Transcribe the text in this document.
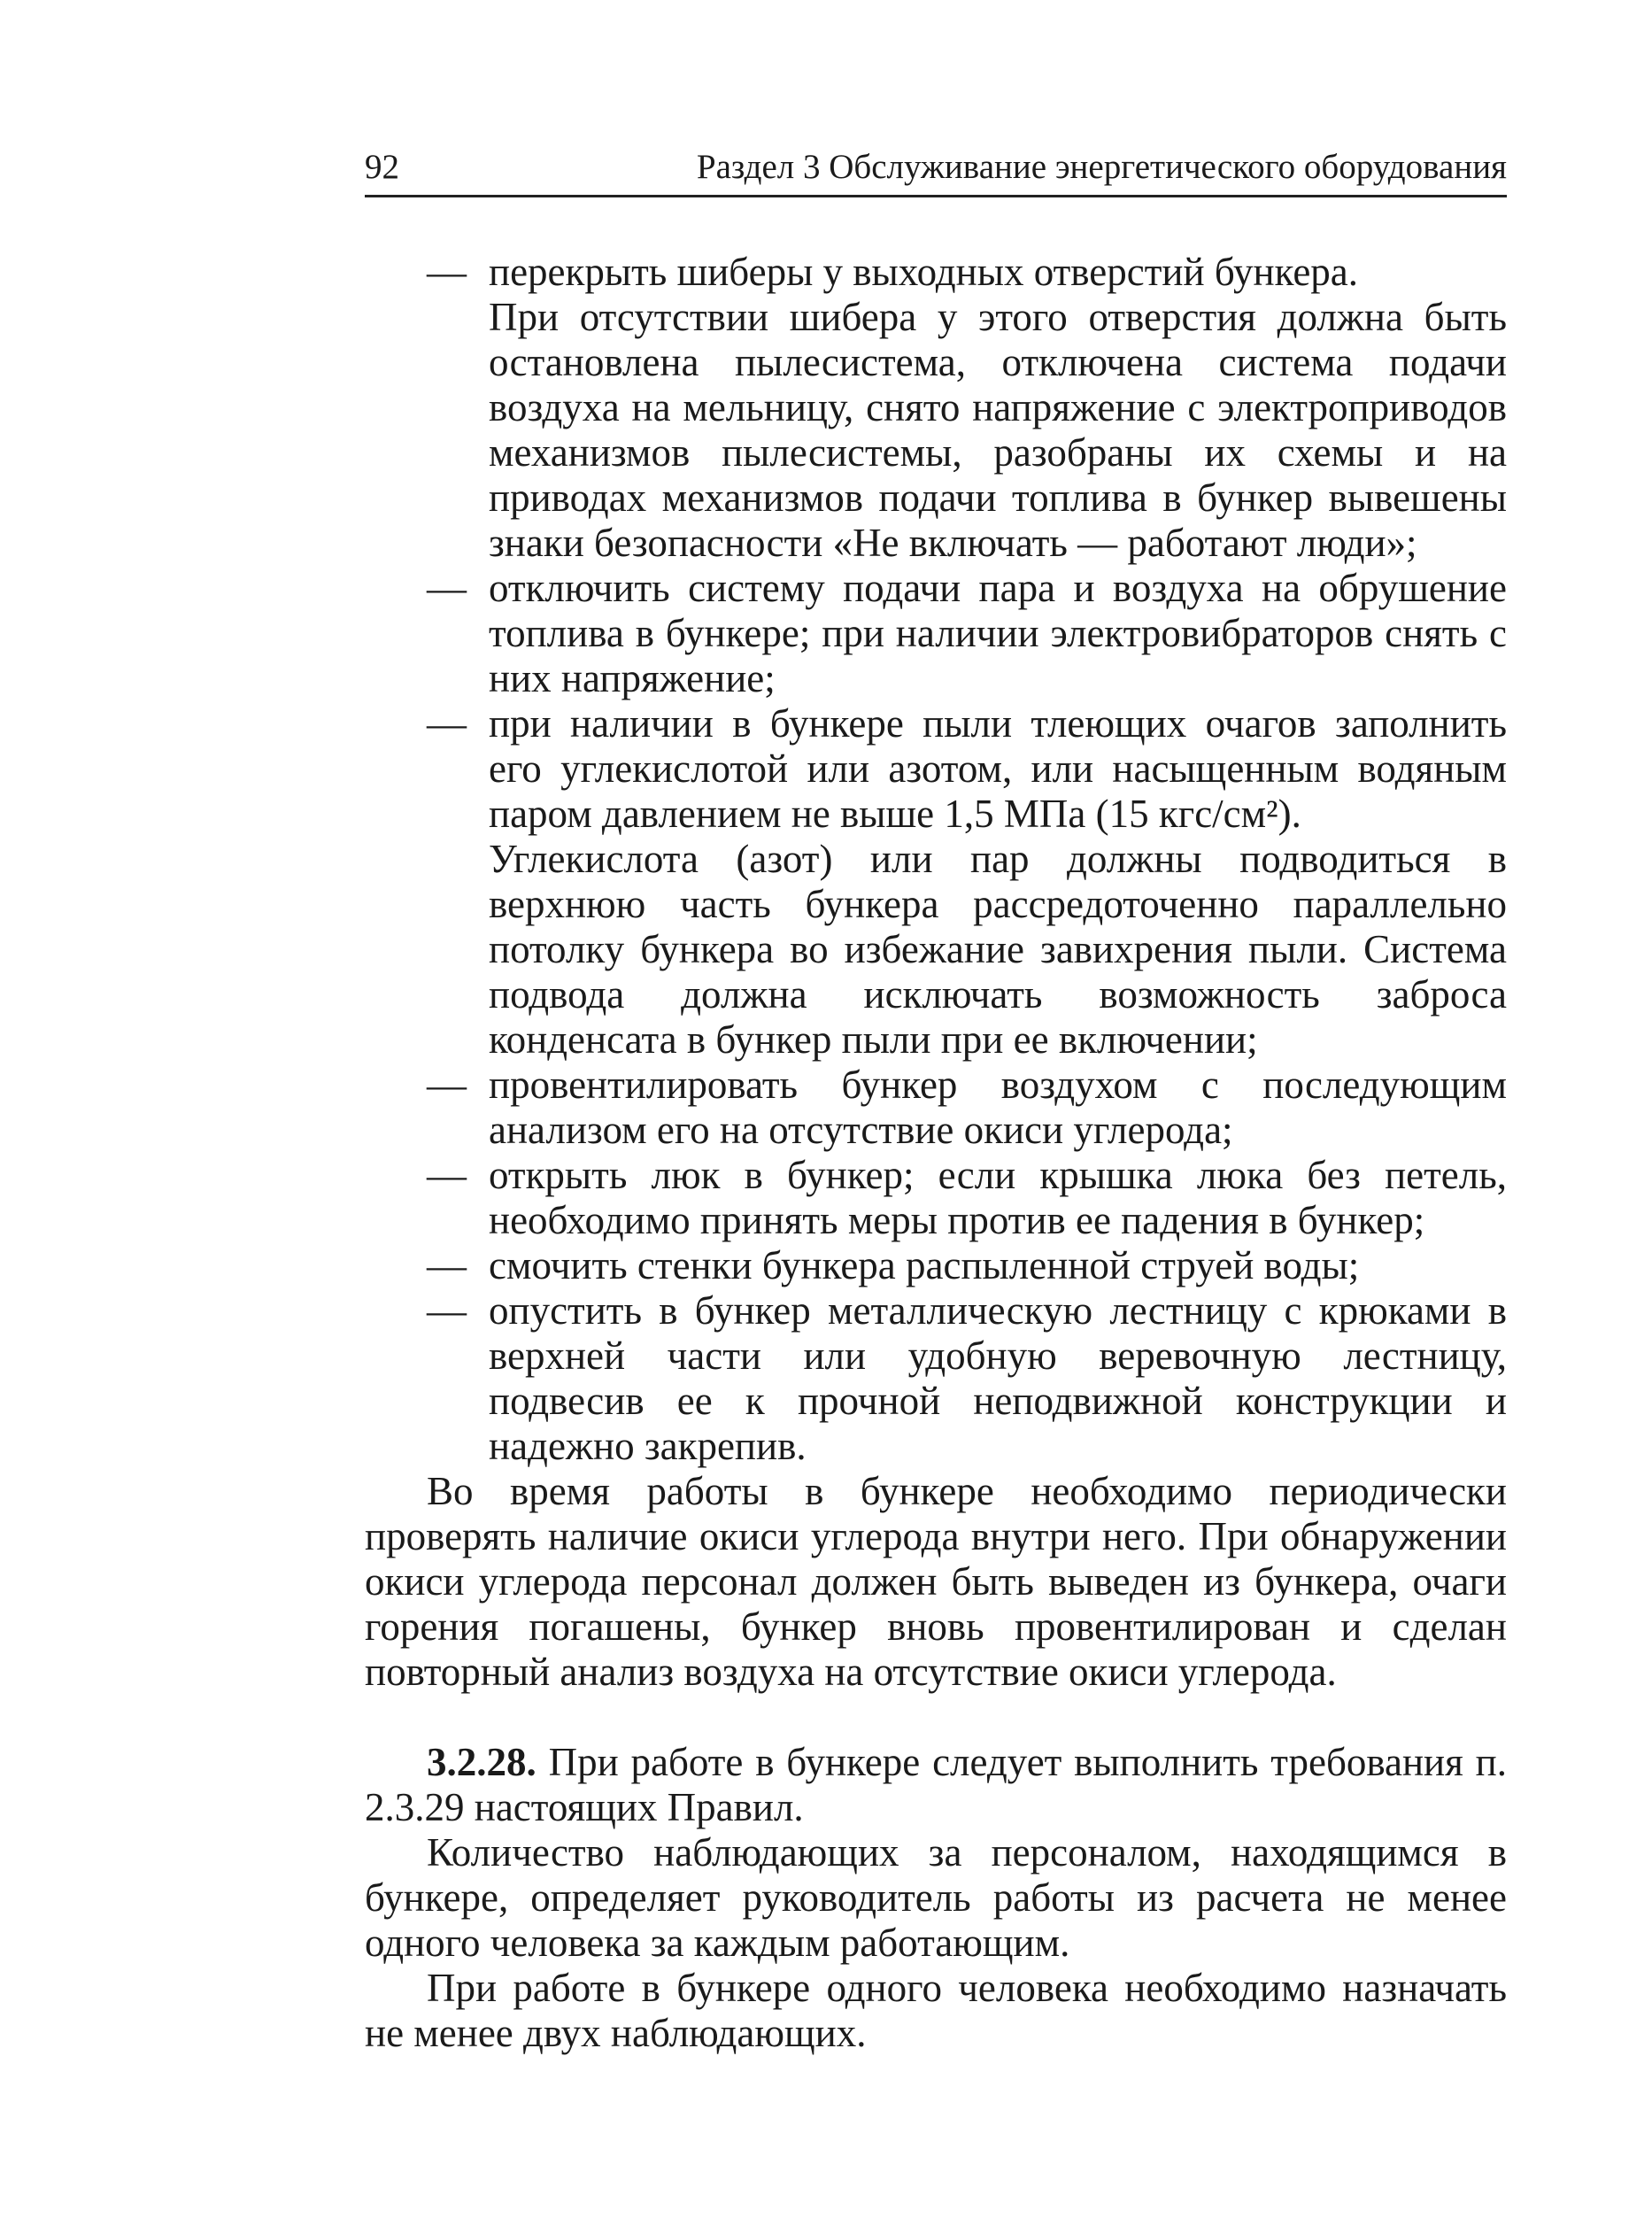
92	Раздел 3 Обслуживание энергетического оборудования

— перекрыть шиберы у выходных отверстий бункера.

При отсутствии шибера у этого отверстия должна быть остановлена пылесистема, отключена система подачи воздуха на мельницу, снято напряжение с электроприводов механизмов пылесистемы, разобраны их схемы и на приводах механизмов подачи топлива в бункер вывешены знаки безопасности «Не включать — работают люди»;

— отключить систему подачи пара и воздуха на обрушение топлива в бункере; при наличии электровибраторов снять с них напряжение;

— при наличии в бункере пыли тлеющих очагов заполнить его углекислотой или азотом, или насыщенным водяным паром давлением не выше 1,5 МПа (15 кгс/см²).

Углекислота (азот) или пар должны подводиться в верхнюю часть бункера рассредоточенно параллельно потолку бункера во избежание завихрения пыли. Система подвода должна исключать возможность заброса конденсата в бункер пыли при ее включении;

— провентилировать бункер воздухом с последующим анализом его на отсутствие окиси углерода;

— открыть люк в бункер; если крышка люка без петель, необходимо принять меры против ее падения в бункер;

— смочить стенки бункера распыленной струей воды;

— опустить в бункер металлическую лестницу с крюками в верхней части или удобную веревочную лестницу, подвесив ее к прочной неподвижной конструкции и надежно закрепив.

Во время работы в бункере необходимо периодически проверять наличие окиси углерода внутри него. При обнаружении окиси углерода персонал должен быть выведен из бункера, очаги горения погашены, бункер вновь провентилирован и сделан повторный анализ воздуха на отсутствие окиси углерода.

3.2.28. При работе в бункере следует выполнить требования п. 2.3.29 настоящих Правил.

Количество наблюдающих за персоналом, находящимся в бункере, определяет руководитель работы из расчета не менее одного человека за каждым работающим.

При работе в бункере одного человека необходимо назначать не менее двух наблюдающих.
